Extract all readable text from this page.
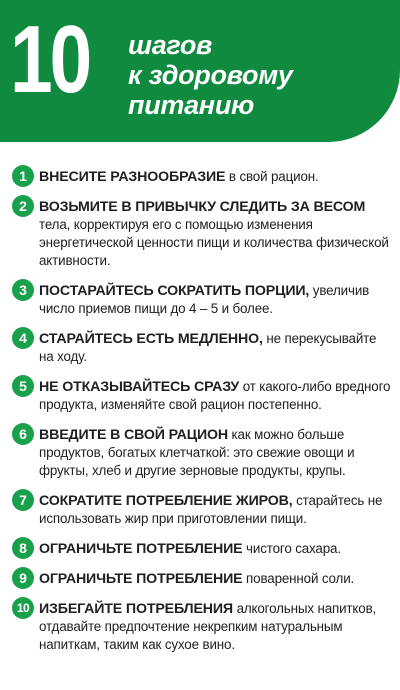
10 шагов
к здоровому
питанию
1 ВНЕСИТЕ РАЗНООБРАЗИЕ в свой рацион.
2 ВОЗЬМИТЕ В ПРИВЫЧКУ СЛЕДИТЬ ЗА ВЕСОМ
тела, корректируя его с помощью изменения энергетической ценности пищи и количества физической активности.
3 ПОСТАРАЙТЕСЬ СОКРАТИТЬ ПОРЦИИ, увеличив число приемов пищи до 4 – 5 и более.
4 СТАРАЙТЕСЬ ЕСТЬ МЕДЛЕННО, не перекусывайте на ходу.
5 НЕ ОТКАЗЫВАЙТЕСЬ СРАЗУ от какого-либо вредного продукта, изменяйте свой рацион постепенно.
6 ВВЕДИТЕ В СВОЙ РАЦИОН как можно больше продуктов, богатых клетчаткой: это свежие овощи и фрукты, хлеб и другие зерновые продукты, крупы.
7 СОКРАТИТЕ ПОТРЕБЛЕНИЕ ЖИРОВ, старайтесь не использовать жир при приготовлении пищи.
8 ОГРАНИЧЬТЕ ПОТРЕБЛЕНИЕ чистого сахара.
9 ОГРАНИЧЬТЕ ПОТРЕБЛЕНИЕ поваренной соли.
10 ИЗБЕГАЙТЕ ПОТРЕБЛЕНИЯ алкогольных напитков, отдавайте предпочтение некрепким натуральным напиткам, таким как сухое вино.
